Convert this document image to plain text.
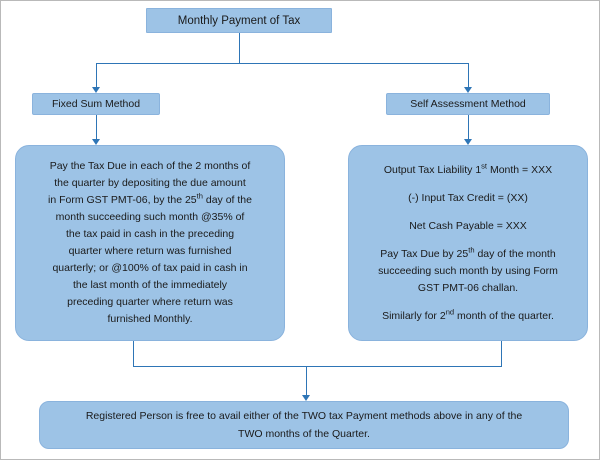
Monthly Payment of Tax
Fixed Sum Method	Self Assessment Method

Pay the Tax Due in each of the 2 months of

the quarter by depositing the due amount

in Form GST PMT-06, by the 25th day of the

month succeeding such month @35% of

the tax paid in cash in the preceding

quarter where return was furnished

quarterly; or @100% of tax paid in cash in

the last month of the immediately

preceding quarter where return was

furnished Monthly.

Output Tax Liability 1st Month = XXX

(-) Input Tax Credit = (XX)

Net Cash Payable = XXX

Pay Tax Due by 25th day of the month

succeeding such month by using Form

GST PMT-06 challan.

Similarly for 2nd month of the quarter.

Registered Person is free to avail either of the TWO tax Payment methods above in any of the
TWO months of the Quarter.
